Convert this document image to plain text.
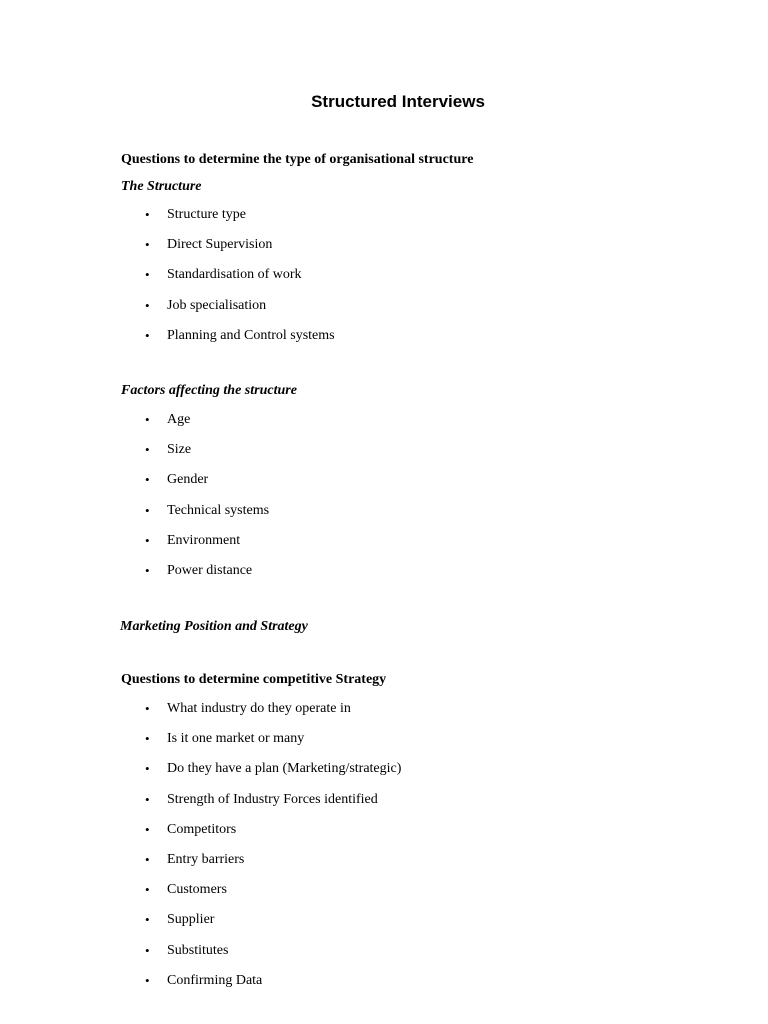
Structured Interviews
Questions to determine the type of organisational structure
The Structure
• Structure type
• Direct Supervision
• Standardisation of work
• Job specialisation
• Planning and Control systems
Factors affecting the structure
• Age
• Size
• Gender
• Technical systems
• Environment
• Power distance
Marketing Position and Strategy
Questions to determine competitive Strategy
• What industry do they operate in
• Is it one market or many
• Do they have a plan (Marketing/strategic)
• Strength of Industry Forces identified
• Competitors
• Entry barriers
• Customers
• Supplier
• Substitutes
• Confirming Data
